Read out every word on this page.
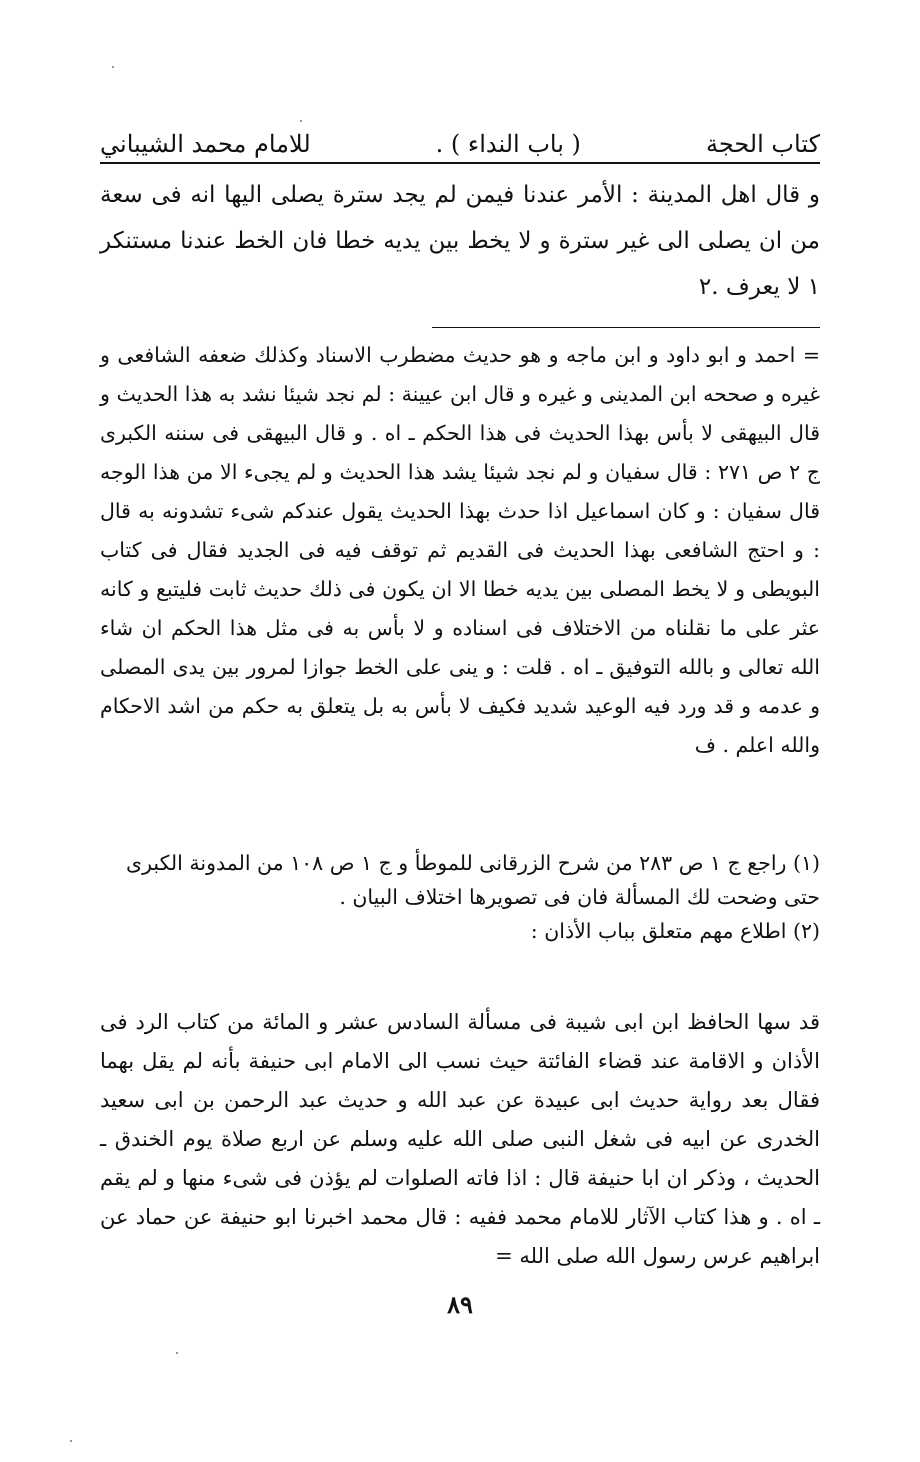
كتاب الحجة
( باب النداء ) .
للامام محمد الشيباني

و قال اهل المدينة : الأمر عندنا فيمن لم يجد سترة يصلى اليها انه فى سعة من ان يصلى الى غير سترة و لا يخط بين يديه خطا فان الخط عندنا مستنكر ١ لا يعرف .٢

= احمد و ابو داود و ابن ماجه و هو حديث مضطرب الاسناد وكذلك ضعفه الشافعى و غيره و صححه ابن المدينى و غيره و قال ابن عيينة : لم نجد شيئا نشد به هذا الحديث و قال البيهقى لا بأس بهذا الحديث فى هذا الحكم ـ اه . و قال البيهقى فى سننه الكبرى ج ٢ ص ٢٧١ : قال سفيان و لم نجد شيئا يشد هذا الحديث و لم يجىء الا من هذا الوجه قال سفيان : و كان اسماعيل اذا حدث بهذا الحديث يقول عندكم شىء تشدونه به قال : و احتج الشافعى بهذا الحديث فى القديم ثم توقف فيه فى الجديد فقال فى كتاب البويطى و لا يخط المصلى بين يديه خطا الا ان يكون فى ذلك حديث ثابت فليتبع و كانه عثر على ما نقلناه من الاختلاف فى اسناده و لا بأس به فى مثل هذا الحكم ان شاء الله تعالى و بالله التوفيق ـ اه . قلت : و ينى على الخط جوازا لمرور بين يدى المصلى و عدمه و قد ورد فيه الوعيد شديد فكيف لا بأس به بل يتعلق به حكم من اشد الاحكام والله اعلم . ف

(١) راجع ج ١ ص ٢٨٣ من شرح الزرقانى للموطأ و ج ١ ص ١٠٨ من المدونة الكبرى

حتى وضحت لك المسألة فان فى تصويرها اختلاف البيان .

(٢) اطلاع مهم متعلق بباب الأذان :

قد سها الحافظ ابن ابى شيبة فى مسألة السادس عشر و المائة من كتاب الرد فى الأذان و الاقامة عند قضاء الفائتة حيث نسب الى الامام ابى حنيفة بأنه لم يقل بهما فقال بعد رواية حديث ابى عبيدة عن عبد الله و حديث عبد الرحمن بن ابى سعيد الخدرى عن ابيه فى شغل النبى صلى الله عليه وسلم عن اربع صلاة يوم الخندق ـ الحديث ، وذكر ان ابا حنيفة قال : اذا فاته الصلوات لم يؤذن فى شىء منها و لم يقم ـ اه . و هذا كتاب الآثار للامام محمد ففيه : قال محمد اخبرنا ابو حنيفة عن حماد عن ابراهيم عرس رسول الله صلى الله =

٨٩
